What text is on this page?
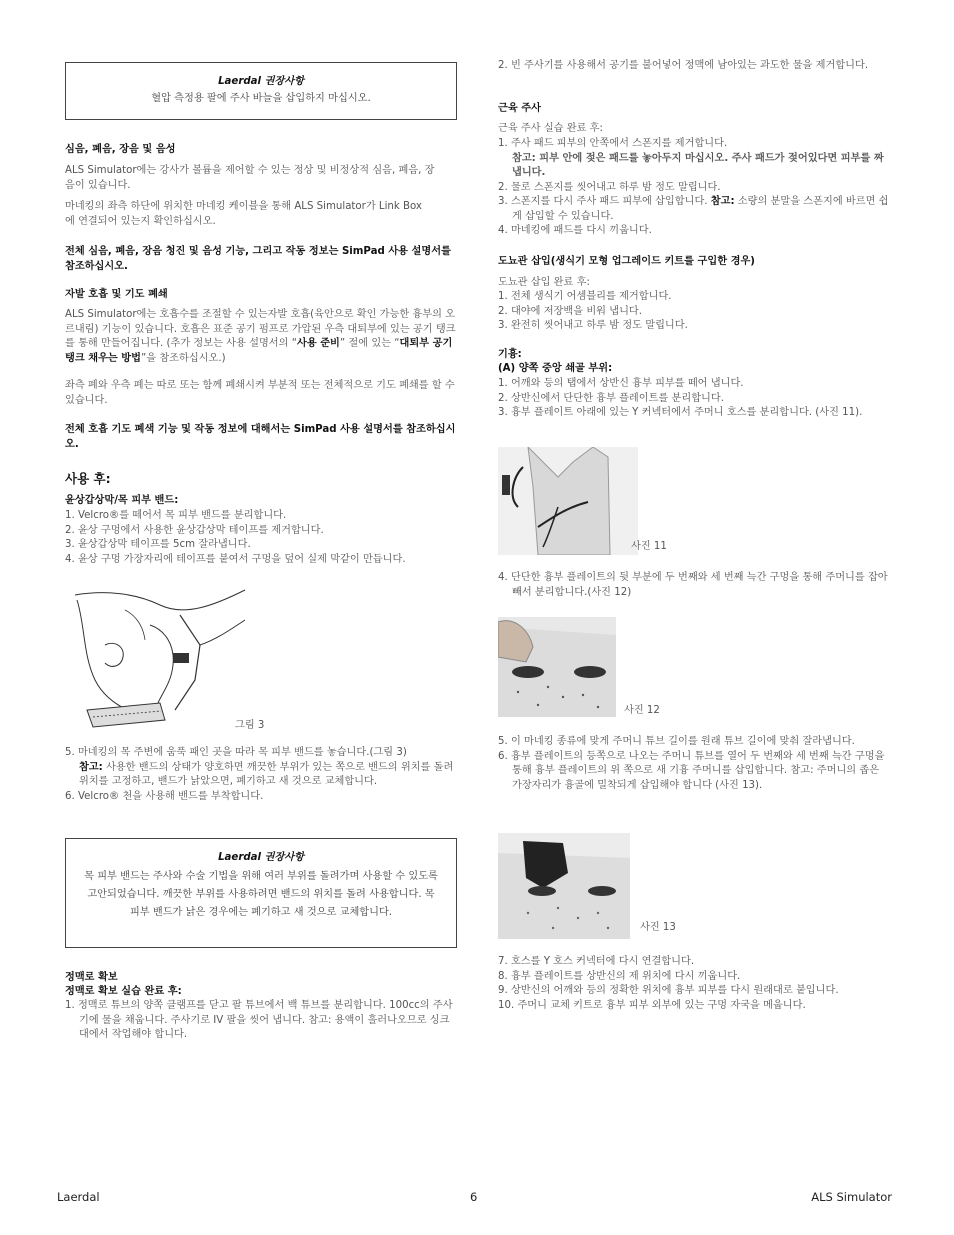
Laerdal 권장사항
혈압 측정용 팔에 주사 바늘을 삽입하지 마십시오.
심음, 폐음, 장음 및 음성

ALS Simulator에는 강사가 볼륨을 제어할 수 있는 정상 및 비정상적 심음, 폐음, 장음이 있습니다.

마네킹의 좌측 하단에 위치한 마네킹 케이블을 통해 ALS Simulator가 Link Box에 연결되어 있는지 확인하십시오.

전체 심음, 폐음, 장음 청진 및 음성 기능, 그리고 작동 정보는 SimPad 사용 설명서를 참조하십시오.

자발 호흡 및 기도 폐쇄

ALS Simulator에는 호흡수를 조절할 수 있는자발 호흡(육안으로 확인 가능한 흉부의 오르내림) 기능이 있습니다. 호흡은 표준 공기 펌프로 가압된 우측 대퇴부에 있는 공기 탱크를 통해 만들어집니다. (추가 정보는 사용 설명서의 “사용 준비” 절에 있는 “대퇴부 공기 탱크 채우는 방법”을 참조하십시오.)

좌측 폐와 우측 폐는 따로 또는 함께 폐쇄시켜 부분적 또는 전체적으로 기도 폐쇄를 할 수 있습니다.

전체 호흡 기도 폐색 기능 및 작동 정보에 대해서는 SimPad 사용 설명서를 참조하십시오.

사용 후:
윤상갑상막/목 피부 밴드:
1. Velcro®를 떼어서 목 피부 밴드를 분리합니다.
2. 윤상 구멍에서 사용한 윤상갑상막 테이프를 제거합니다.
3. 윤상갑상막 테이프를 5cm 잘라냅니다.
4. 윤상 구멍 가장자리에 테이프를 붙여서 구멍을 덮어 실제 막같이 만듭니다.
그림 3
5. 마네킹의 목 주변에 움푹 패인 곳을 따라 목 피부 밴드를 놓습니다.(그림 3)
참고: 사용한 밴드의 상태가 양호하면 깨끗한 부위가 있는 쪽으로 밴드의 위치를 돌려 위치를 고정하고, 밴드가 낡았으면, 폐기하고 새 것으로 교체합니다.
6. Velcro® 천을 사용해 밴드를 부착합니다.
Laerdal 권장사항
목 피부 밴드는 주사와 수술 기법을 위해 여러 부위를 돌려가며 사용할 수 있도록 고안되었습니다. 깨끗한 부위를 사용하려면 밴드의 위치를 돌려 사용합니다. 목 피부 밴드가 낡은 경우에는 폐기하고 새 것으로 교체합니다.
정맥로 확보
정맥로 확보 실습 완료 후:
1. 정맥로 튜브의 양쪽 클램프를 닫고 팔 튜브에서 백 튜브를 분리합니다. 100cc의 주사기에 물을 채웁니다. 주사기로 IV 팔을 씻어 냅니다. 참고: 용액이 흘러나오므로 싱크대에서 작업해야 합니다.
2. 빈 주사기를 사용해서 공기를 불어넣어 정맥에 남아있는 과도한 물을 제거합니다.
근육 주사
근육 주사 실습 완료 후:
1. 주사 패드 피부의 안쪽에서 스폰지를 제거합니다.
참고: 피부 안에 젖은 패드를 놓아두지 마십시오. 주사 패드가 젖어있다면 피부를 짜냅니다.
2. 물로 스폰지를 씻어내고 하루 밤 정도 말립니다.
3. 스폰지를 다시 주사 패드 피부에 삽입합니다. 참고: 소량의 분말을 스폰지에 바르면 쉽게 삽입할 수 있습니다.
4. 마네킹에 패드를 다시 끼웁니다.
도뇨관 삽입(생식기 모형 업그레이드 키트를 구입한 경우)
도뇨관 삽입 완료 후:
1. 전체 생식기 어셈블리를 제거합니다.
2. 대야에 저장백을 비워 냅니다.
3. 완전히 씻어내고 하루 밤 정도 말립니다.
기흉:
(A) 양쪽 중앙 쇄골 부위:
1. 어깨와 등의 탭에서 상반신 흉부 피부를 떼어 냅니다.
2. 상반신에서 단단한 흉부 플레이트를 분리합니다.
3. 흉부 플레이트 아래에 있는 Y 커넥터에서 주머니 호스를 분리합니다. (사진 11).
사진 11
4. 단단한 흉부 플레이트의 뒷 부분에 두 번째와 세 번째 늑간 구멍을 통해 주머니를 잡아 빼서 분리합니다.(사진 12)
사진 12
5. 이 마네킹 종류에 맞게 주머니 튜브 길이를 원래 튜브 길이에 맞춰 잘라냅니다.
6. 흉부 플레이트의 등쪽으로 나오는 주머니 튜브를 열어 두 번째와 세 번째 늑간 구멍을 통해 흉부 플레이트의 위 쪽으로 새 기흉 주머니를 삽입합니다. 참고: 주머니의 좁은 가장자리가 흉골에 밀착되게 삽입해야 합니다 (사진 13).
사진 13
7. 호스를 Y 호스 커넥터에 다시 연결합니다.
8. 흉부 플레이트를 상반신의 제 위치에 다시 끼웁니다.
9. 상반신의 어깨와 등의 정확한 위치에 흉부 피부를 다시 원래대로 붙입니다.
10. 주머니 교체 키트로 흉부 피부 외부에 있는 구멍 자국을 메웁니다.
Laerdal	6	ALS Simulator
